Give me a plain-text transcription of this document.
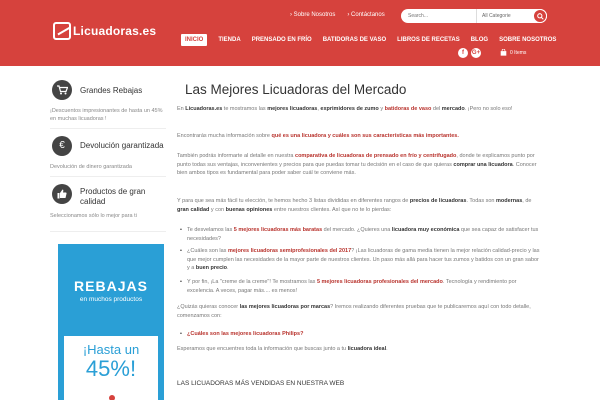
Licuadoras.es
› Sobre Nosotros
›	Contáctanos
Search...	All Categorie
INICIO	TIENDA PRENSADO EN FRÍO BATIDORAS DE VASO LIBROS DE RECETAS BLOG SOBRE NOSOTROS
f	G+	0 Items
Grandes Rebajas
¡Descuentos impresionantes de hasta un 45% en muchas licuadoras !
€	Devolución garantizada
Devolución de dinero garantizada
Productos de gran calidad
Seleccionamos sólo lo mejor para ti
REBAJAS
en muchos productos
¡Hasta un
45%!
Las Mejores Licuadoras del Mercado
En Licuadoras.es te mostramos las mejores licuadoras, exprimidores de zumo y batidoras de vaso del mercado. ¡Pero no solo eso!
Encontrarás mucha información sobre qué es una licuadora y cuáles son sus características más importantes.
También podrás informarte al detalle en nuestra comparativa de licuadoras de prensado en frío y centrifugado, donde te explicamos punto por punto todas sus ventajas, inconvenientes y precios para que puedas tomar tu decisión en el caso de que quieras comprar una licuadora. Conocer bien ambos tipos es fundamental para poder saber cuál te conviene más.
Y para que sea más fácil tu elección, te hemos hecho 3 listas divididas en diferentes rangos de precios de licuadoras. Todas son modernas, de gran calidad y con buenas opiniones entre nuestros clientes. Así que no te lo pierdas:
• Te desvelamos las 5 mejores licuadoras más baratas del mercado. ¿Quieres una licuadora muy económica que sea capaz de satisfacer tus necesidades?
• ¿Cuáles son las mejores licuadoras semiprofesionales del 2017? ¡Las licuadoras de gama media tienen la mejor relación calidad-precio y las que mejor cumplen las necesidades de la mayor parte de nuestros clientes. Un paso más allá para hacer tus zumos y batidos con un gran sabor y a buen precio.
• Y por fin, ¡La "creme de la creme"! Te mostramos las 5 mejores licuadoras profesionales del mercado. Tecnología y rendimiento por excelencia. A veces, pagar más.... es menos!
¿Quizás quieras conocer las mejores licuadoras por marcas? Iremos realizando diferentes pruebas que te publicaremos aquí con todo detalle, comenzamos con:
• ¿Cuáles son las mejores licuadoras Philips?
Esperamos que encuentres toda la información que buscas junto a tu licuadora ideal.
LAS LICUADORAS MÁS VENDIDAS EN NUESTRA WEB
